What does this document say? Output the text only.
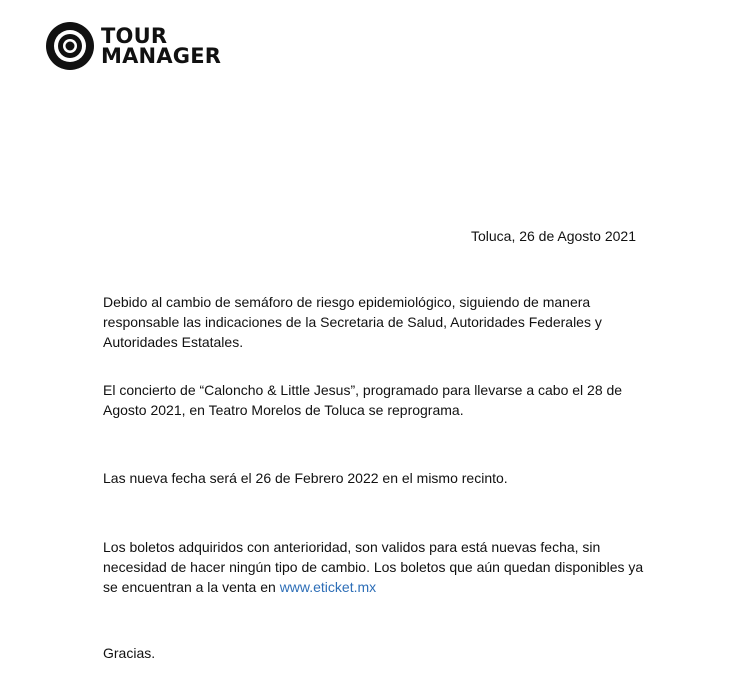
TOUR
MANAGER

Toluca, 26 de Agosto 2021

Debido al cambio de semáforo de riesgo epidemiológico, siguiendo de manera responsable las indicaciones de la Secretaria de Salud, Autoridades Federales y Autoridades Estatales.

El concierto de “Caloncho & Little Jesus”, programado para llevarse a cabo el 28 de Agosto 2021, en Teatro Morelos de Toluca se reprograma.

Las nueva fecha será el 26 de Febrero 2022 en el mismo recinto.

Los boletos adquiridos con anterioridad, son validos para está nuevas fecha, sin necesidad de hacer ningún tipo de cambio. Los boletos que aún quedan disponibles ya se encuentran a la venta en www.eticket.mx

Gracias.
